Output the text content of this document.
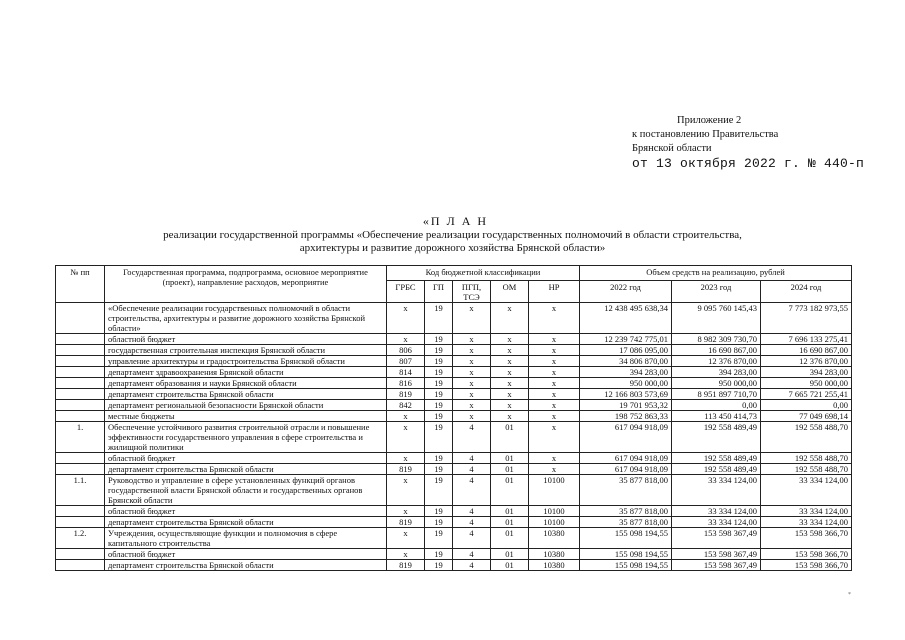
Приложение 2
к постановлению Правительства
Брянской области
от 13 октября 2022 г. № 440-п
«П Л А Н
реализации государственной программы «Обеспечение реализации государственных полномочий в области строительства,
архитектуры и развитие дорожного хозяйства Брянской области»
№ пп	Государственная программа, подпрограмма, основное мероприятие (проект), направление расходов, мероприятие	Код бюджетной классификации					Объем средств на реализацию, рублей		
		ГРБС	ГП	ПГП, ТСЭ	ОМ	НР	2022 год	2023 год	2024 год
	«Обеспечение реализации государственных полномочий в области строительства, архитектуры и развитие дорожного хозяйства Брянской области»	х	19	х	х	х	12 438 495 638,34	9 095 760 145,43	7 773 182 973,55
	областной бюджет	х	19	х	х	х	12 239 742 775,01	8 982 309 730,70	7 696 133 275,41
	государственная строительная инспекция Брянской области	806	19	х	х	х	17 086 095,00	16 690 867,00	16 690 867,00
	управление архитектуры и градостроительства Брянской области	807	19	х	х	х	34 806 870,00	12 376 870,00	12 376 870,00
	департамент здравоохранения Брянской области	814	19	х	х	х	394 283,00	394 283,00	394 283,00
	департамент образования и науки Брянской области	816	19	х	х	х	950 000,00	950 000,00	950 000,00
	департамент строительства Брянской области	819	19	х	х	х	12 166 803 573,69	8 951 897 710,70	7 665 721 255,41
	департамент региональной безопасности Брянской области	842	19	х	х	х	19 701 953,32	0,00	0,00
	местные бюджеты	х	19	х	х	х	198 752 863,33	113 450 414,73	77 049 698,14
1.	Обеспечение устойчивого развития строительной отрасли и повышение эффективности государственного управления в сфере строительства и жилищной политики	х	19	4	01	х	617 094 918,09	192 558 489,49	192 558 488,70
	областной бюджет	х	19	4	01	х	617 094 918,09	192 558 489,49	192 558 488,70
	департамент строительства Брянской области	819	19	4	01	х	617 094 918,09	192 558 489,49	192 558 488,70
1.1.	Руководство и управление в сфере установленных функций органов государственной власти Брянской области и государственных органов Брянской области	х	19	4	01	10100	35 877 818,00	33 334 124,00	33 334 124,00
	областной бюджет	х	19	4	01	10100	35 877 818,00	33 334 124,00	33 334 124,00
	департамент строительства Брянской области	819	19	4	01	10100	35 877 818,00	33 334 124,00	33 334 124,00
1.2.	Учреждения, осуществляющие функции и полномочия в сфере капитального строительства	х	19	4	01	10380	155 098 194,55	153 598 367,49	153 598 366,70
	областной бюджет	х	19	4	01	10380	155 098 194,55	153 598 367,49	153 598 366,70
	департамент строительства Брянской области	819	19	4	01	10380	155 098 194,55	153 598 367,49	153 598 366,70
*
